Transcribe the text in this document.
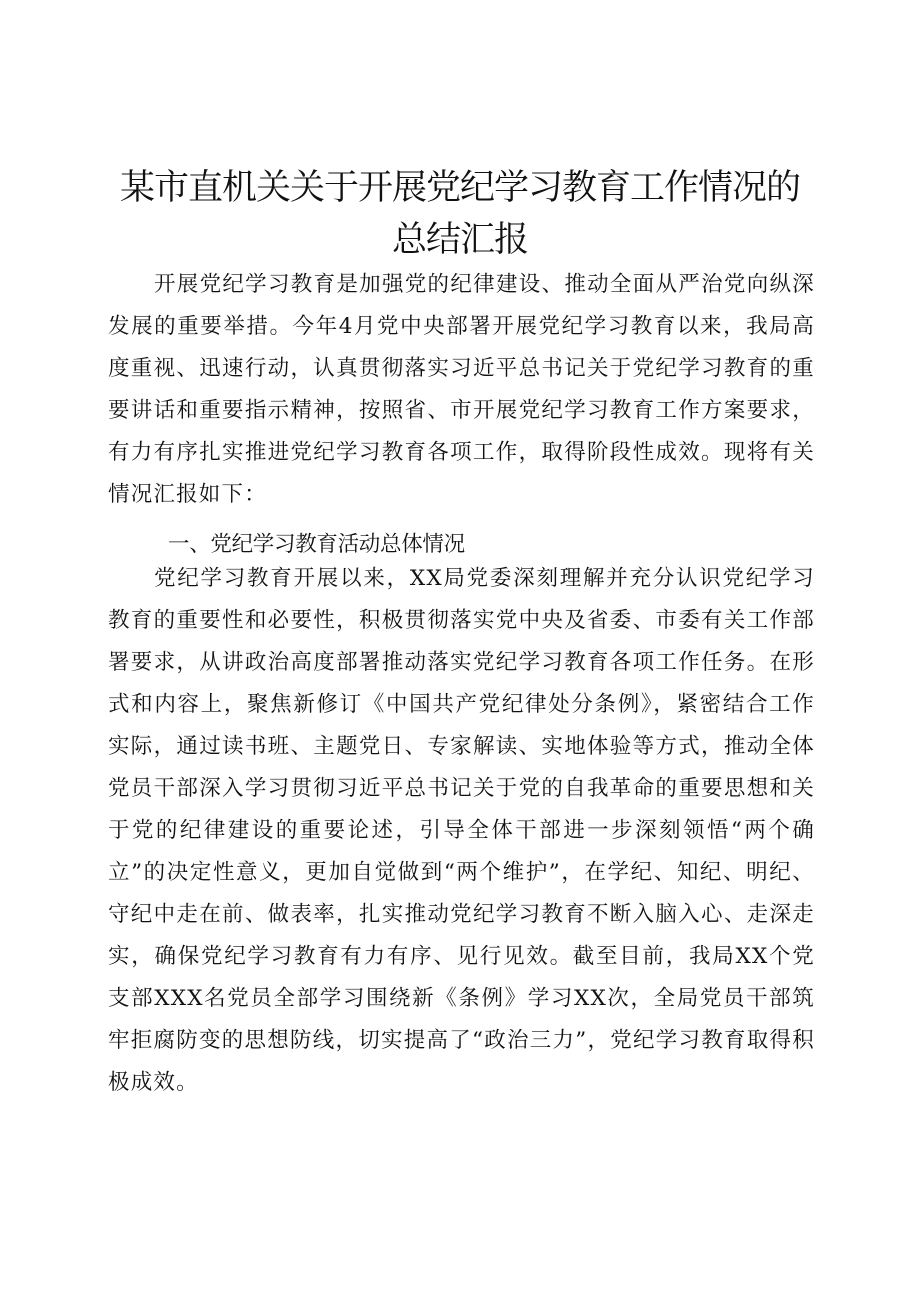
某市直机关关于开展党纪学习教育工作情况的
总结汇报

开展党纪学习教育是加强党的纪律建设、推动全面从严治党向纵深发展的重要举措。今年4月党中央部署开展党纪学习教育以来，我局高度重视、迅速行动，认真贯彻落实习近平总书记关于党纪学习教育的重要讲话和重要指示精神，按照省、市开展党纪学习教育工作方案要求，有力有序扎实推进党纪学习教育各项工作，取得阶段性成效。现将有关情况汇报如下：

一、党纪学习教育活动总体情况

党纪学习教育开展以来，XX局党委深刻理解并充分认识党纪学习教育的重要性和必要性，积极贯彻落实党中央及省委、市委有关工作部署要求，从讲政治高度部署推动落实党纪学习教育各项工作任务。在形式和内容上，聚焦新修订《中国共产党纪律处分条例》，紧密结合工作实际，通过读书班、主题党日、专家解读、实地体验等方式，推动全体党员干部深入学习贯彻习近平总书记关于党的自我革命的重要思想和关于党的纪律建设的重要论述，引导全体干部进一步深刻领悟“两个确立”的决定性意义，更加自觉做到“两个维护”，在学纪、知纪、明纪、守纪中走在前、做表率，扎实推动党纪学习教育不断入脑入心、走深走实，确保党纪学习教育有力有序、见行见效。截至目前，我局XX个党支部XXX名党员全部学习围绕新《条例》学习XX次，全局党员干部筑牢拒腐防变的思想防线，切实提高了“政治三力”，党纪学习教育取得积极成效。
